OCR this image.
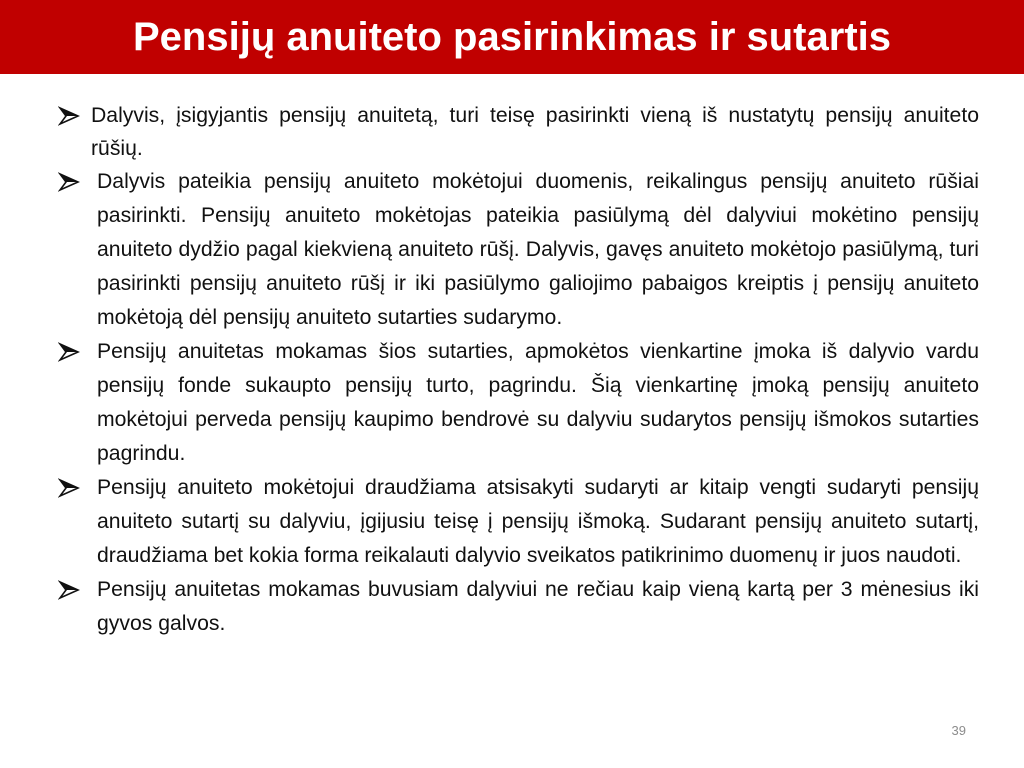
Pensijų anuiteto pasirinkimas ir sutartis

Dalyvis, įsigyjantis pensijų anuitetą, turi teisę pasirinkti vieną iš nustatytų pensijų anuiteto rūšių.

Dalyvis pateikia pensijų anuiteto mokėtojui duomenis, reikalingus pensijų anuiteto rūšiai pasirinkti. Pensijų anuiteto mokėtojas pateikia pasiūlymą dėl dalyviui mokėtino pensijų anuiteto dydžio pagal kiekvieną anuiteto rūšį. Dalyvis, gavęs anuiteto mokėtojo pasiūlymą, turi pasirinkti pensijų anuiteto rūšį ir iki pasiūlymo galiojimo pabaigos kreiptis į pensijų anuiteto mokėtoją dėl pensijų anuiteto sutarties sudarymo.

Pensijų anuitetas mokamas šios sutarties, apmokėtos vienkartine įmoka iš dalyvio vardu pensijų fonde sukaupto pensijų turto, pagrindu. Šią vienkartinę įmoką pensijų anuiteto mokėtojui perveda pensijų kaupimo bendrovė su dalyviu sudarytos pensijų išmokos sutarties pagrindu.

Pensijų anuiteto mokėtojui draudžiama atsisakyti sudaryti ar kitaip vengti sudaryti pensijų anuiteto sutartį su dalyviu, įgijusiu teisę į pensijų išmoką. Sudarant pensijų anuiteto sutartį, draudžiama bet kokia forma reikalauti dalyvio sveikatos patikrinimo duomenų ir juos naudoti.

Pensijų anuitetas mokamas buvusiam dalyviui ne rečiau kaip vieną kartą per 3 mėnesius iki gyvos galvos.

39
